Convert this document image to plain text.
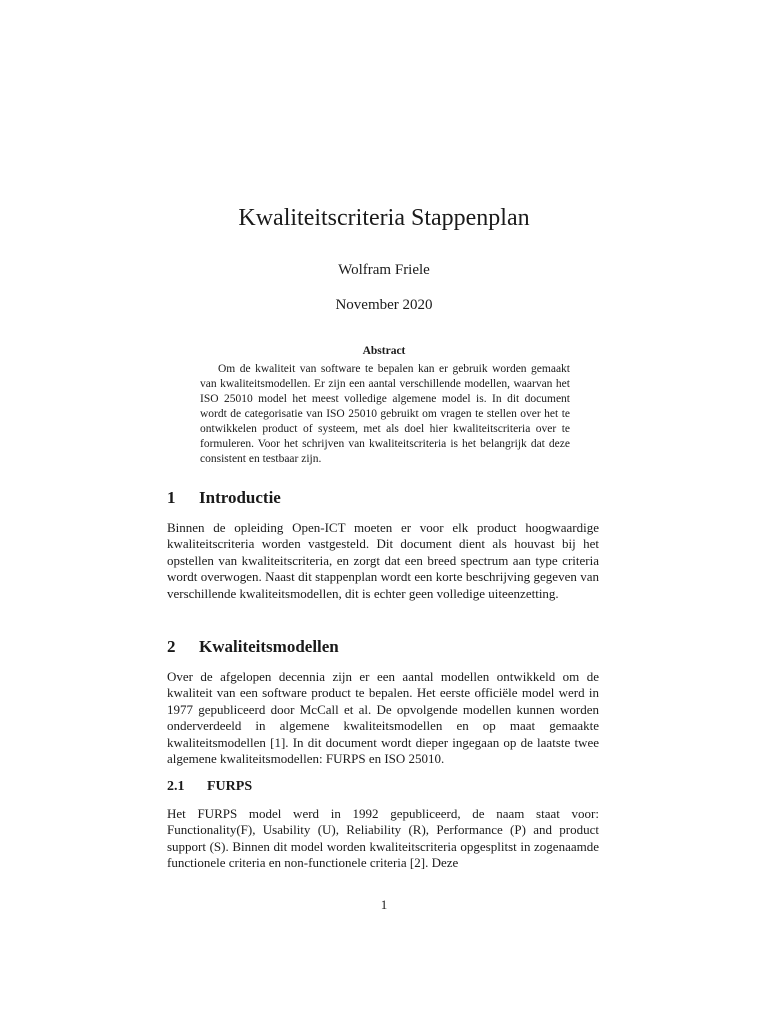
Kwaliteitscriteria Stappenplan
Wolfram Friele
November 2020
Abstract

Om de kwaliteit van software te bepalen kan er gebruik worden gemaakt van kwaliteitsmodellen. Er zijn een aantal verschillende modellen, waarvan het ISO 25010 model het meest volledige algemene model is. In dit document wordt de categorisatie van ISO 25010 gebruikt om vragen te stellen over het te ontwikkelen product of systeem, met als doel hier kwaliteitscriteria over te formuleren. Voor het schrijven van kwaliteitscriteria is het belangrijk dat deze consistent en testbaar zijn.

1 Introductie

Binnen de opleiding Open-ICT moeten er voor elk product hoogwaardige kwaliteitscriteria worden vastgesteld. Dit document dient als houvast bij het opstellen van kwaliteitscriteria, en zorgt dat een breed spectrum aan type criteria wordt overwogen. Naast dit stappenplan wordt een korte beschrijving gegeven van verschillende kwaliteitsmodellen, dit is echter geen volledige uiteenzetting.

2 Kwaliteitsmodellen

Over de afgelopen decennia zijn er een aantal modellen ontwikkeld om de kwaliteit van een software product te bepalen. Het eerste officiële model werd in 1977 gepubliceerd door McCall et al. De opvolgende modellen kunnen worden onderverdeeld in algemene kwaliteitsmodellen en op maat gemaakte kwaliteitsmodellen [1]. In dit document wordt dieper ingegaan op de laatste twee algemene kwaliteitsmodellen: FURPS en ISO 25010.

2.1 FURPS

Het FURPS model werd in 1992 gepubliceerd, de naam staat voor: Functionality(F), Usability (U), Reliability (R), Performance (P) and product support (S). Binnen dit model worden kwaliteitscriteria opgesplitst in zogenaamde functionele criteria en non-functionele criteria [2]. Deze

1
